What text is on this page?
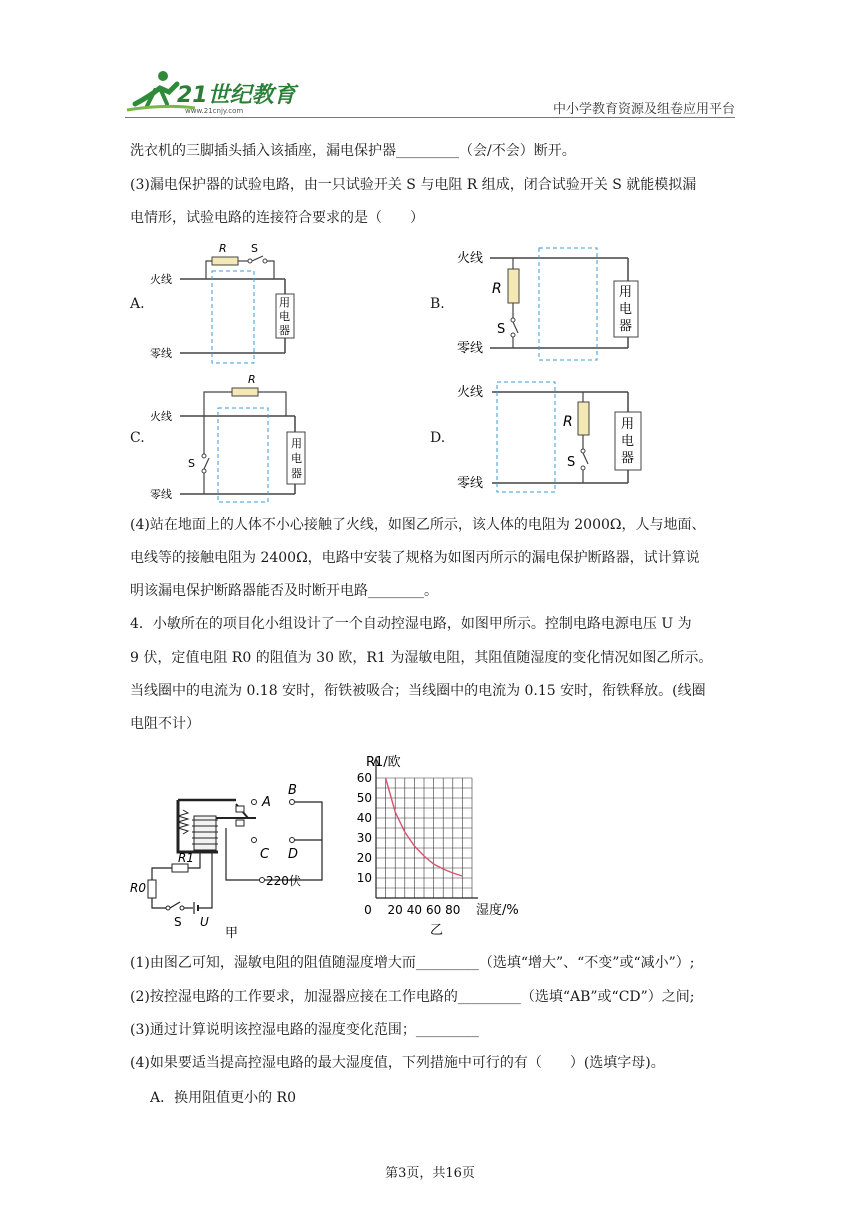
21世纪教育
www.21cnjy.com	中小学教育资源及组卷应用平台
洗衣机的三脚插头插入该插座，漏电保护器_________（会/不会）断开。
(3)漏电保护器的试验电路，由一只试验开关 S 与电阻 R 组成，闭合试验开关 S 就能模拟漏
电情形，试验电路的连接符合要求的是（　　）
A.
火线
零线
R S
用
电
器
B.
火线
零线
R
S
用
电
器
C.
火线
零线
R
S
用
电
器
D.
火线
零线
R
S
用
电
器
(4)站在地面上的人体不小心接触了火线，如图乙所示，该人体的电阻为 2000Ω，人与地面、
电线等的接触电阻为 2400Ω，电路中安装了规格为如图丙所示的漏电保护断路器，试计算说
明该漏电保护断路器能否及时断开电路________。
4．小敏所在的项目化小组设计了一个自动控湿电路，如图甲所示。控制电路电源电压 U 为
9 伏，定值电阻 R0 的阻值为 30 欧，R1 为湿敏电阻，其阻值随湿度的变化情况如图乙所示。
当线圈中的电流为 0.18 安时，衔铁被吸合；当线圈中的电流为 0.15 安时，衔铁释放。(线圈
电阻不计）
A
B
C D
R0
R1
S U
220伏
甲
10
20
30
40
50
60
0 20 40 60 80
R1/欧
湿度/%
乙
(1)由图乙可知，湿敏电阻的阻值随湿度增大而_________（选填“增大”、“不变”或“减小”）;
(2)按控湿电路的工作要求，加湿器应接在工作电路的_________（选填“AB”或“CD”）之间;
(3)通过计算说明该控湿电路的湿度变化范围；_________
(4)如果要适当提高控湿电路的最大湿度值，下列措施中可行的有（　　）(选填字母)。
A．换用阻值更小的 R0
第3页，共16页
